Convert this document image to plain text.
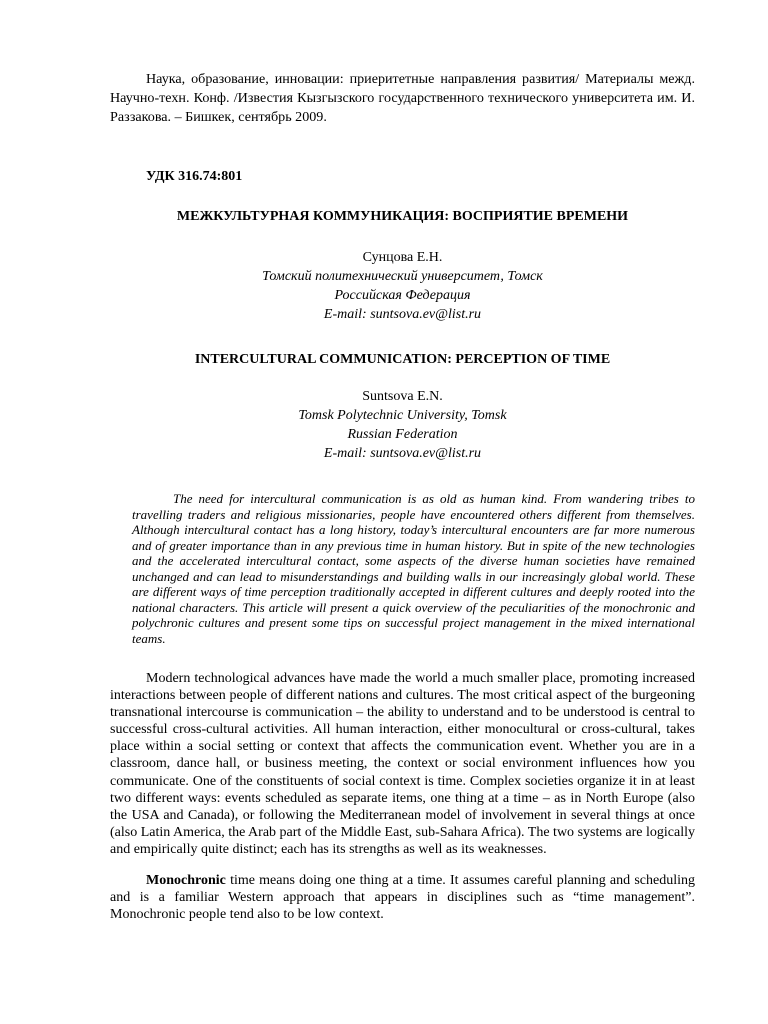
Наука, образование, инновации: приеритетные направления развития/ Материалы межд. Научно-техн. Конф. /Известия Кызгызского государственного технического университета им. И. Раззакова. – Бишкек, сентябрь 2009.

УДК 316.74:801
МЕЖКУЛЬТУРНАЯ КОММУНИКАЦИЯ: ВОСПРИЯТИЕ ВРЕМЕНИ
Сунцова Е.Н.
Томский политехнический университет, Томск
Российская Федерация
E-mail: suntsova.ev@list.ru
INTERCULTURAL COMMUNICATION: PERCEPTION OF TIME
Suntsova E.N.
Tomsk Polytechnic University, Tomsk
Russian Federation
E-mail: suntsova.ev@list.ru

The need for intercultural communication is as old as human kind. From wandering tribes to travelling traders and religious missionaries, people have encountered others different from themselves. Although intercultural contact has a long history, today’s intercultural encounters are far more numerous and of greater importance than in any previous time in human history. But in spite of the new technologies and the accelerated intercultural contact, some aspects of the diverse human societies have remained unchanged and can lead to misunderstandings and building walls in our increasingly global world. These are different ways of time perception traditionally accepted in different cultures and deeply rooted into the national characters. This article will present a quick overview of the peculiarities of the monochronic and polychronic cultures and present some tips on successful project management in the mixed international teams.

Modern technological advances have made the world a much smaller place, promoting increased interactions between people of different nations and cultures. The most critical aspect of the burgeoning transnational intercourse is communication – the ability to understand and to be understood is central to successful cross-cultural activities. All human interaction, either monocultural or cross-cultural, takes place within a social setting or context that affects the communication event. Whether you are in a classroom, dance hall, or business meeting, the context or social environment influences how you communicate. One of the constituents of social context is time. Complex societies organize it in at least two different ways: events scheduled as separate items, one thing at a time – as in North Europe (also the USA and Canada), or following the Mediterranean model of involvement in several things at once (also Latin America, the Arab part of the Middle East, sub-Sahara Africa). The two systems are logically and empirically quite distinct; each has its strengths as well as its weaknesses.

Monochronic time means doing one thing at a time. It assumes careful planning and scheduling and is a familiar Western approach that appears in disciplines such as “time management”. Monochronic people tend also to be low context.
